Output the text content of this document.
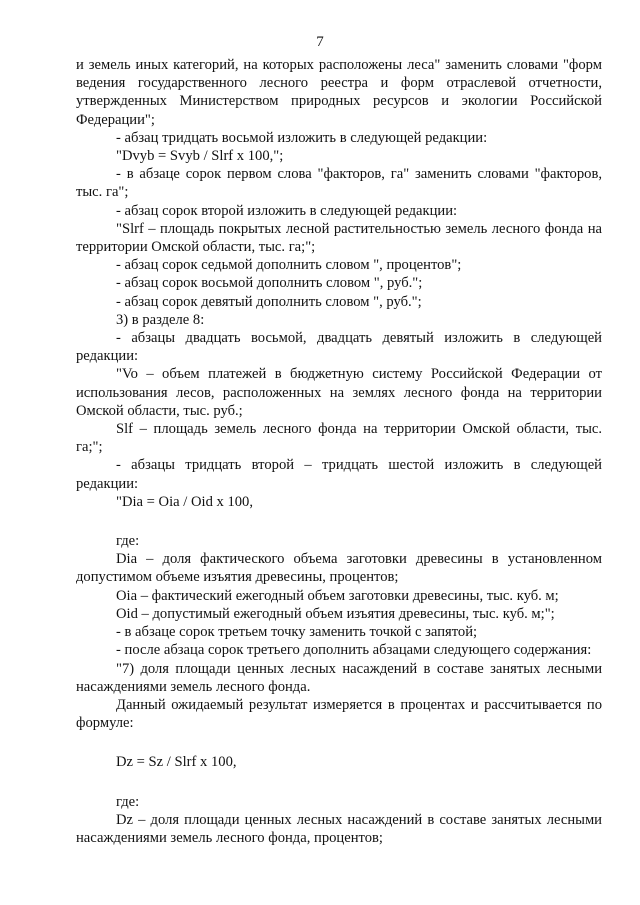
7

и земель иных категорий, на которых расположены леса" заменить словами "форм ведения государственного лесного реестра и форм отраслевой отчетности, утвержденных Министерством природных ресурсов и экологии Российской Федерации";

- абзац тридцать восьмой изложить в следующей редакции:

"Dvyb = Svyb / Slrf x 100,";

- в абзаце сорок первом слова "факторов, га" заменить словами "факторов, тыс. га";

- абзац сорок второй изложить в следующей редакции:

"Slrf – площадь покрытых лесной растительностью земель лесного фонда на территории Омской области, тыс. га;";

- абзац сорок седьмой дополнить словом ", процентов";

- абзац сорок восьмой дополнить словом ", руб.";

- абзац сорок девятый дополнить словом ", руб.";

3) в разделе 8:

- абзацы двадцать восьмой, двадцать девятый изложить в следующей редакции:

"Vo – объем платежей в бюджетную систему Российской Федерации от использования лесов, расположенных на землях лесного фонда на территории Омской области, тыс. руб.;

Slf – площадь земель лесного фонда на территории Омской области, тыс. га;";

- абзацы тридцать второй – тридцать шестой изложить в следующей редакции:

"Dia = Oia / Oid x 100,

где:

Dia – доля фактического объема заготовки древесины в установленном допустимом объеме изъятия древесины, процентов;

Oia – фактический ежегодный объем заготовки древесины, тыс. куб. м;

Oid – допустимый ежегодный объем изъятия древесины, тыс. куб. м;";

- в абзаце сорок третьем точку заменить точкой с запятой;

- после абзаца сорок третьего дополнить абзацами следующего содержания:

"7) доля площади ценных лесных насаждений в составе занятых лесными насаждениями земель лесного фонда.

Данный ожидаемый результат измеряется в процентах и рассчитывается по формуле:

Dz = Sz / Slrf x 100,

где:

Dz – доля площади ценных лесных насаждений в составе занятых лесными насаждениями земель лесного фонда, процентов;
